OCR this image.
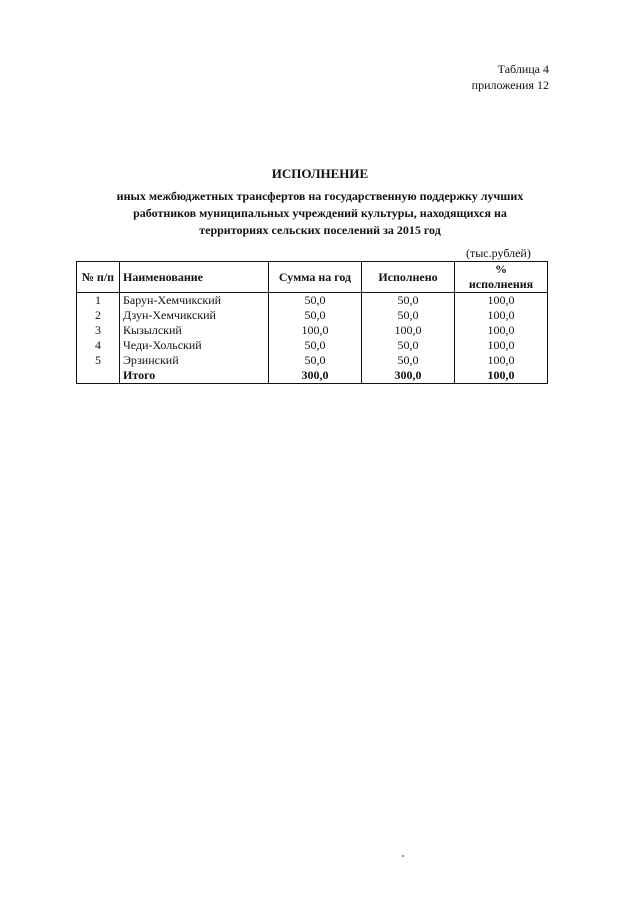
Таблица 4
приложения 12
ИСПОЛНЕНИЕ
иных межбюджетных трансфертов на государственную поддержку лучших
работников муниципальных учреждений культуры, находящихся на
территориях сельских поселений за 2015 год
(тыс.рублей)
№ п/п	Наименование	Сумма на год	Исполнено	%
исполнения

1	Барун-Хемчикский	50,0	50,0	100,0
2	Дзун-Хемчикский	50,0	50,0	100,0
3	Кызылский	100,0	100,0	100,0
4	Чеди-Хольский	50,0	50,0	100,0
5	Эрзинский	50,0	50,0	100,0
	Итого	300,0	300,0	100,0
